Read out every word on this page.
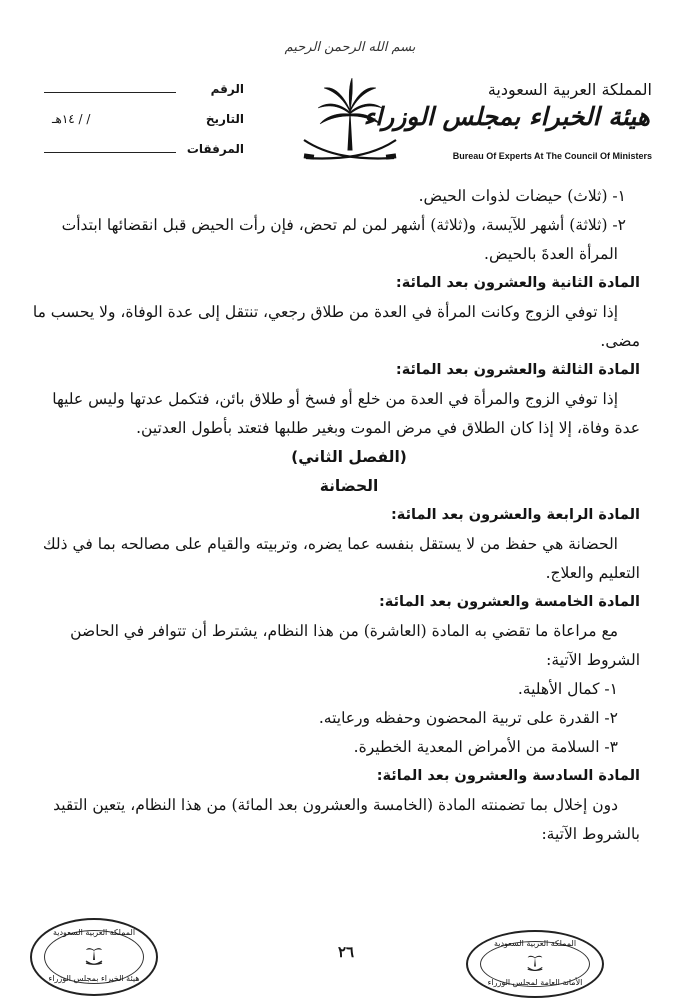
بسم الله الرحمن الرحيم
المملكة العربية السعودية
هيئة الخبراء بمجلس الوزراء
Bureau Of Experts At The Council Of Ministers
الرقم
التاريخ
/ / ١٤هـ
المرفقات
١- (ثلاث) حيضات لذوات الحيض.
٢- (ثلاثة) أشهر للآيسة، و(ثلاثة) أشهر لمن لم تحض، فإن رأت الحيض قبل انقضائها ابتدأت
المرأة العدةَ بالحيض.
المادة الثانية والعشرون بعد المائة:
إذا توفي الزوج وكانت المرأة في العدة من طلاق رجعي، تنتقل إلى عدة الوفاة، ولا يحسب ما
مضى.
المادة الثالثة والعشرون بعد المائة:
إذا توفي الزوج والمرأة في العدة من خلع أو فسخ أو طلاق بائن، فتكمل عدتها وليس عليها
عدة وفاة، إلا إذا كان الطلاق في مرض الموت وبغير طلبها فتعتد بأطول العدتين.
(الفصل الثاني)
الحضانة
المادة الرابعة والعشرون بعد المائة:
الحضانة هي حفظ من لا يستقل بنفسه عما يضره، وتربيته والقيام على مصالحه بما في ذلك
التعليم والعلاج.
المادة الخامسة والعشرون بعد المائة:
مع مراعاة ما تقضي به المادة (العاشرة) من هذا النظام، يشترط أن تتوافر في الحاضن
الشروط الآتية:
١- كمال الأهلية.
٢- القدرة على تربية المحضون وحفظه ورعايته.
٣- السلامة من الأمراض المعدية الخطيرة.
المادة السادسة والعشرون بعد المائة:
دون إخلال بما تضمنته المادة (الخامسة والعشرون بعد المائة) من هذا النظام، يتعين التقيد
بالشروط الآتية:
٢٦
المملكة العربية السعودية
هيئة الخبراء بمجلس الوزراء
المملكة العربية السعودية
الأمانة العامة لمجلس الوزراء
